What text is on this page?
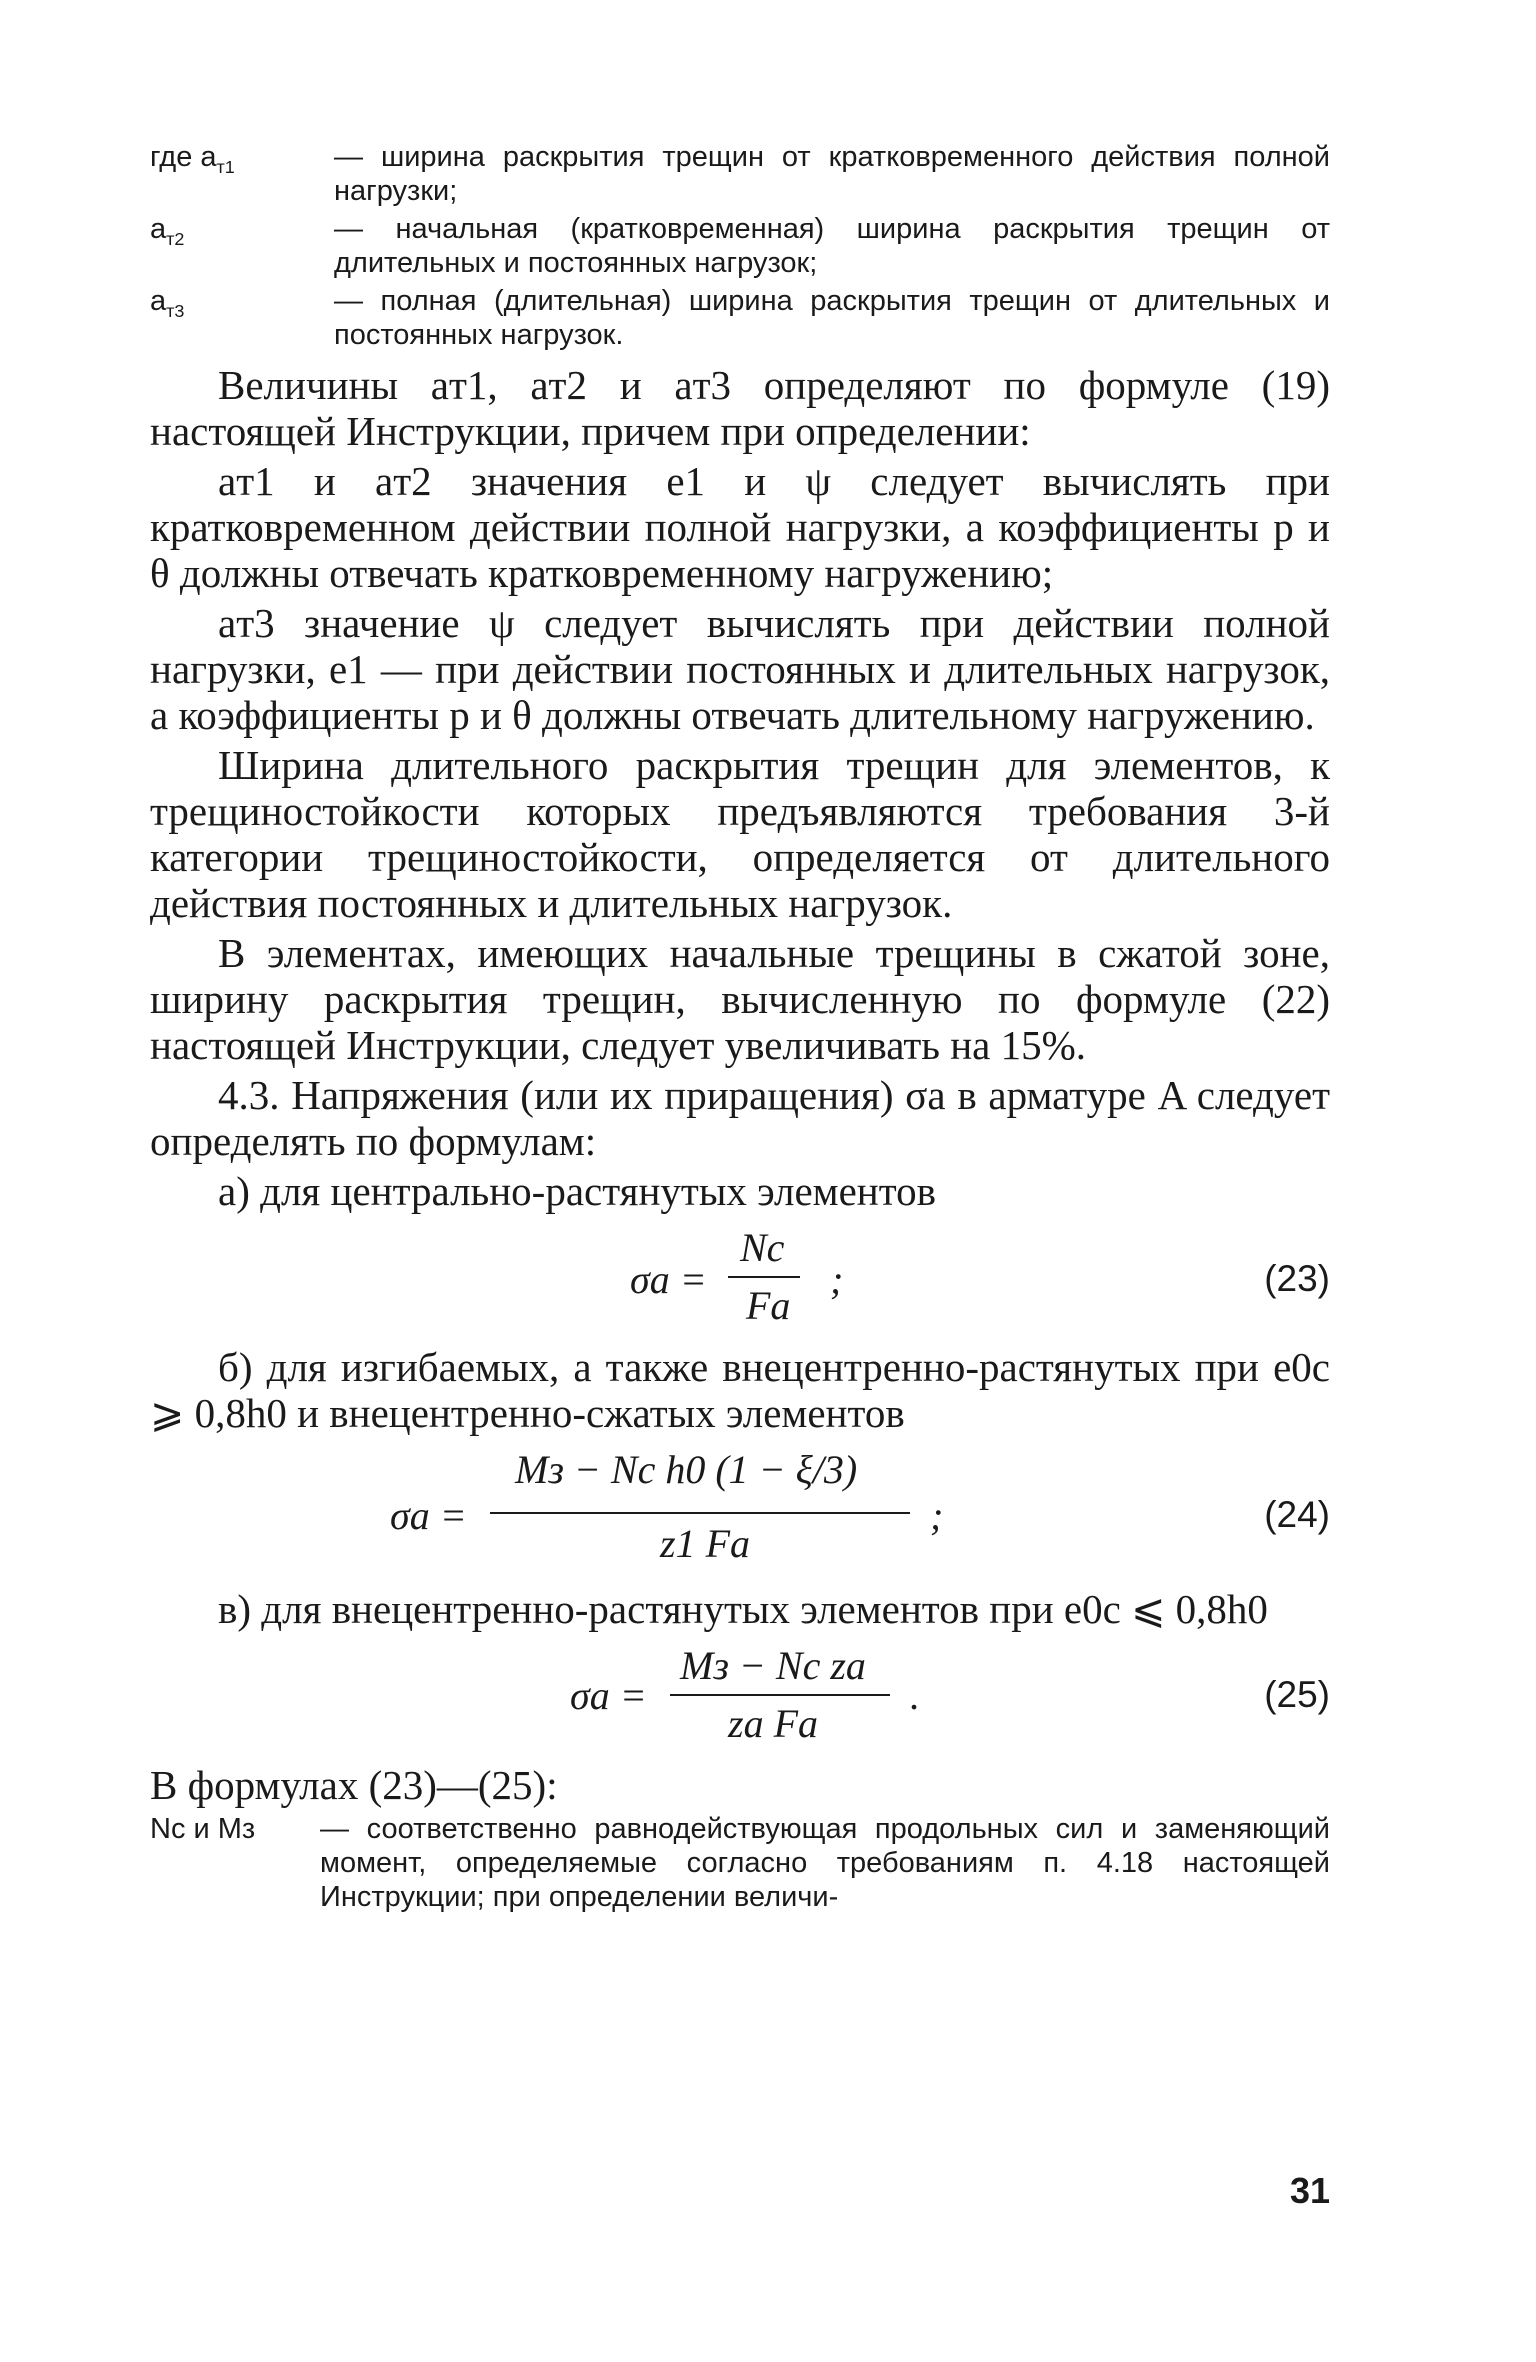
где $a_{т1}$	— ширина раскрытия трещин от кратковременного действия полной нагрузки;
$a_{т2}$	— начальная (кратковременная) ширина раскрытия трещин от длительных и постоянных нагрузок;
$a_{т3}$	— полная (длительная) ширина раскрытия трещин от длительных и постоянных нагрузок.

Величины aт1, aт2 и aт3 определяют по формуле (19) настоящей Инструкции, причем при определении:

aт1 и aт2 значения e1 и ψ следует вычислять при кратковременном действии полной нагрузки, а коэффициенты p и θ должны отвечать кратковременному нагружению;

aт3 значение ψ следует вычислять при действии полной нагрузки, e1 — при действии постоянных и длительных нагрузок, а коэффициенты p и θ должны отвечать длительному нагружению.

Ширина длительного раскрытия трещин для элементов, к трещиностойкости которых предъявляются требования 3-й категории трещиностойкости, определяется от длительного действия постоянных и длительных нагрузок.

В элементах, имеющих начальные трещины в сжатой зоне, ширину раскрытия трещин, вычисленную по формуле (22) настоящей Инструкции, следует увеличивать на 15%.

4.3. Напряжения (или их приращения) σa в арматуре A следует определять по формулам:

а) для центрально-растянутых элементов

σa =
Nc
Fa
;	(23)

б) для изгибаемых, а также внецентренно-растянутых при e0c ⩾ 0,8h0 и внецентренно-сжатых элементов

σa =
Mз − Nc h0 (1 − ξ/3)
z1 Fa
;	(24)

в) для внецентренно-растянутых элементов при e0c ⩽ 0,8h0

σa =
Mз − Nc za
za Fa
.	(25)

В формулах (23)—(25):

Nc и Mз	— соответственно равнодействующая продольных сил и заменяющий момент, определяемые согласно требованиям п. 4.18 настоящей Инструкции; при определении величи-
31
